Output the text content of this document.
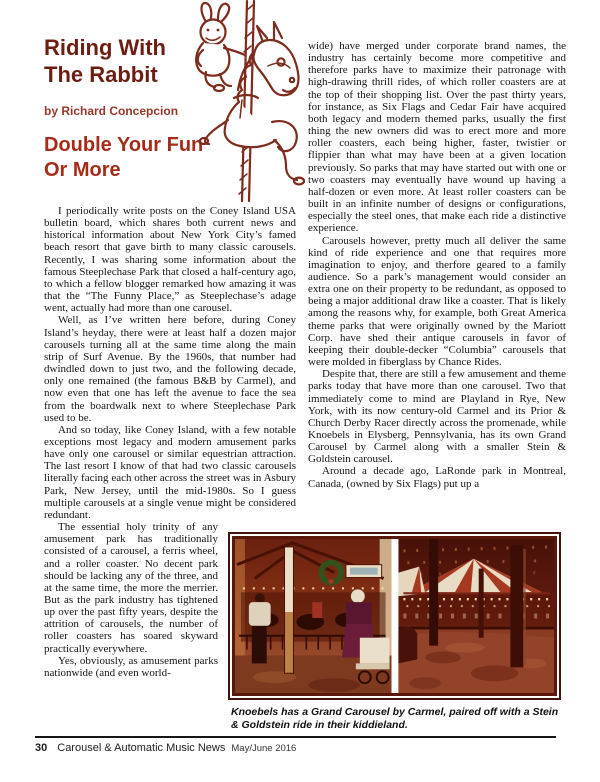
Riding With
The Rabbit
by Richard Concepcion
Double Your Fun
Or More

wide) have merged under corporate brand names, the industry has certainly become more competitive and therefore parks have to maximize their patronage with high-drawing thrill rides, of which roller coasters are at the top of their shopping list. Over the past thirty years, for instance, as Six Flags and Cedar Fair have acquired both legacy and modern themed parks, usually the first thing the new owners did was to erect more and more roller coasters, each being higher, faster, twistier or flippier than what may have been at a given location previously. So parks that may have started out with one or two coasters may eventually have wound up having a half-dozen or even more. At least roller coasters can be built in an infinite number of designs or configurations, especially the steel ones, that make each ride a distinctive experience.

Carousels however, pretty much all deliver the same kind of ride experience and one that requires more imagination to enjoy, and therfore geared to a family audience. So a park’s management would consider an extra one on their property to be redundant, as opposed to being a major additional draw like a coaster. That is likely among the reasons why, for example, both Great America theme parks that were originally owned by the Mariott Corp. have shed their antique carousels in favor of keeping their double-decker “Columbia” carousels that were molded in fiberglass by Chance Rides.

Despite that, there are still a few amusement and theme parks today that have more than one carousel. Two that immediately come to mind are Playland in Rye, New York, with its now century-old Carmel and its Prior & Church Derby Racer directly across the promenade, while Knoebels in Elysberg, Pennsylvania, has its own Grand Carousel by Carmel along with a smaller Stein & Goldstein carousel.

Around a decade ago, LaRonde park in Montreal, Canada, (owned by Six Flags) put up a

I periodically write posts on the Coney Island USA bulletin board, which shares both current news and historical information about New York City’s famed beach resort that gave birth to many classic carousels. Recently, I was sharing some information about the famous Steeplechase Park that closed a half-century ago, to which a fellow blogger remarked how amazing it was that the “The Funny Place,” as Steeplechase’s adage went, actually had more than one carousel.

Well, as I’ve written here before, during Coney Island’s heyday, there were at least half a dozen major carousels turning all at the same time along the main strip of Surf Avenue. By the 1960s, that number had dwindled down to just two, and the following decade, only one remained (the famous B&B by Carmel), and now even that one has left the avenue to face the sea from the boardwalk next to where Steeplechase Park used to be.

And so today, like Coney Island, with a few notable exceptions most legacy and modern amusement parks have only one carousel or similar equestrian attraction. The last resort I know of that had two classic carousels literally facing each other across the street was in Asbury Park, New Jersey, until the mid-1980s. So I guess multiple carousels at a single venue might be considered redundant.

The essential holy trinity of any amusement park has traditionally consisted of a carousel, a ferris wheel, and a roller coaster. No decent park should be lacking any of the three, and at the same time, the more the merrier. But as the park industry has tightened up over the past fifty years, despite the attrition of carousels, the number of roller coasters has soared skyward practically everywhere.

Yes, obviously, as amusement parks nationwide (and even world-

Knoebels has a Grand Carousel by Carmel, paired off with a Stein & Goldstein ride in their kiddieland.
30 Carousel & Automatic Music News May/June 2016
